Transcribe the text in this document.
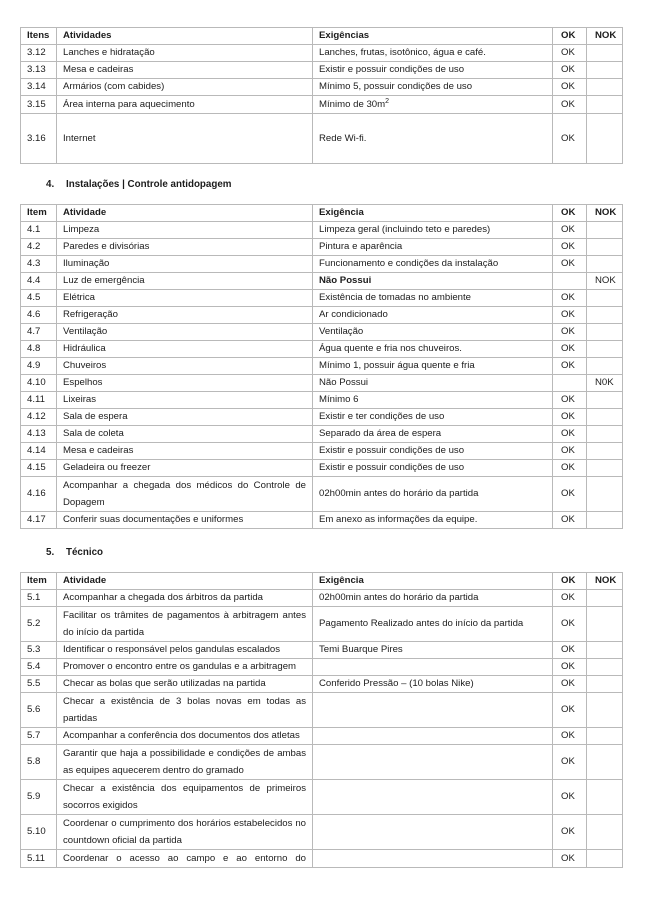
Itens	Atividades	Exigências	OK	NOK
3.12	Lanches e hidratação	Lanches, frutas, isotônico, água e café.	OK	
3.13	Mesa e cadeiras	Existir e possuir condições de uso	OK	
3.14	Armários (com cabides)	Mínimo 5, possuir condições de uso	OK	
3.15	Área interna para aquecimento	Mínimo de $30m^2$	OK	
3.16	Internet	Rede Wi-fi.	OK	
4. Instalações | Controle antidopagem
Item	Atividade	Exigência	OK	NOK
4.1	Limpeza	Limpeza geral (incluindo teto e paredes)	OK	
4.2	Paredes e divisórias	Pintura e aparência	OK	
4.3	Iluminação	Funcionamento e condições da instalação	OK	
4.4	Luz de emergência	Não Possui		NOK
4.5	Elétrica	Existência de tomadas no ambiente	OK	
4.6	Refrigeração	Ar condicionado	OK	
4.7	Ventilação	Ventilação	OK	
4.8	Hidráulica	Água quente e fria nos chuveiros.	OK	
4.9	Chuveiros	Mínimo 1, possuir água quente e fria	OK	
4.10	Espelhos	Não Possui		N0K
4.11	Lixeiras	Mínimo 6	OK	
4.12	Sala de espera	Existir e ter condições de uso	OK	
4.13	Sala de coleta	Separado da área de espera	OK	
4.14	Mesa e cadeiras	Existir e possuir condições de uso	OK	
4.15	Geladeira ou freezer	Existir e possuir condições de uso	OK	
4.16	Acompanhar a chegada dos médicos do Controle de Dopagem	02h00min antes do horário da partida	OK	
4.17	Conferir suas documentações e uniformes	Em anexo as informações da equipe.	OK	
5. Técnico
Item	Atividade	Exigência	OK	NOK
5.1	Acompanhar a chegada dos árbitros da partida	02h00min antes do horário da partida	OK	
5.2	Facilitar os trâmites de pagamentos à arbitragem antes do início da partida	Pagamento Realizado antes do início da partida	OK	
5.3	Identificar o responsável pelos gandulas escalados	Temi Buarque Pires	OK	
5.4	Promover o encontro entre os gandulas e a arbitragem		OK	
5.5	Checar as bolas que serão utilizadas na partida	Conferido Pressão – (10 bolas Nike)	OK	
5.6	Checar a existência de 3 bolas novas em todas as partidas		OK	
5.7	Acompanhar a conferência dos documentos dos atletas		OK	
5.8	Garantir que haja a possibilidade e condições de ambas as equipes aquecerem dentro do gramado		OK	
5.9	Checar a existência dos equipamentos de primeiros socorros exigidos		OK	
5.10	Coordenar o cumprimento dos horários estabelecidos no countdown oficial da partida		OK	
5.11	Coordenar o acesso ao campo e ao entorno do		OK	
